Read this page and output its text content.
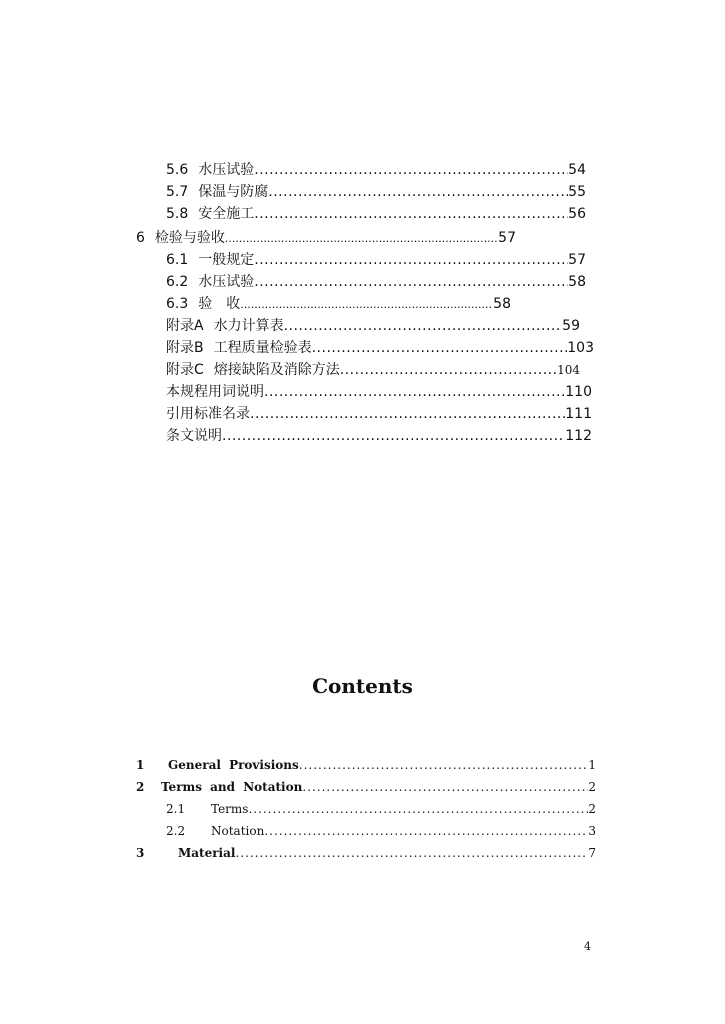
5.6 水压试验 .....	54
5.7 保温与防腐 .....	55
5.8 安全施工 .....	56
6 检验与验收 .....	57
6.1 一般规定 .....	57
6.2 水压试验 .....	58
6.3 验　收 .....	58
附录A 水力计算表 .....	59
附录B 工程质量检验表 .....	103
附录C 熔接缺陷及消除方法 .....	104
本规程用词说明 .....	110
引用标准名录 .....	111
条文说明 .....	112
Contents
1	General Provisions .....	1
2	Terms and Notation .....	2
2.1	Terms .....	2
2.2	Notation .....	3
3	Material .....	7
4
